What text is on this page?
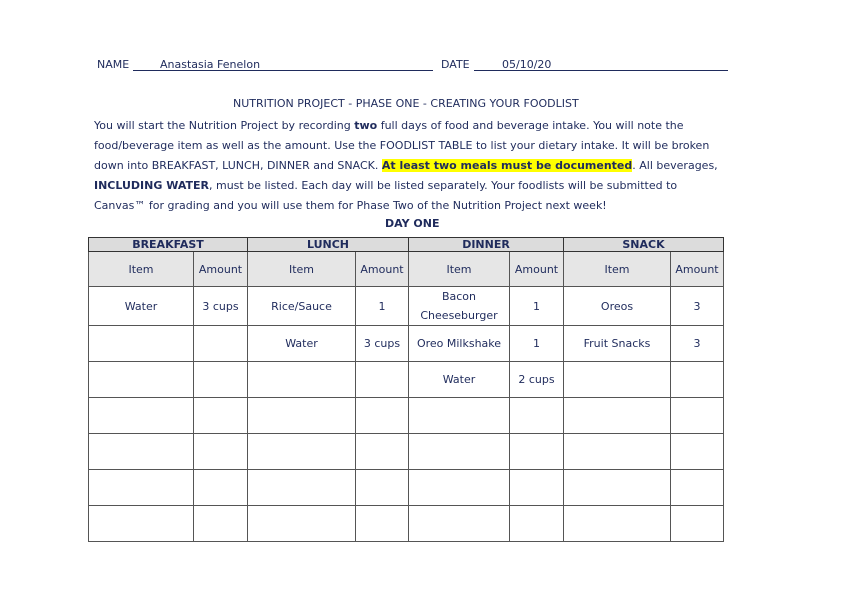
NAME	Anastasia Fenelon	DATE	05/10/20
NUTRITION PROJECT - PHASE ONE - CREATING YOUR FOODLIST
You will start the Nutrition Project by recording two full days of food and beverage intake. You will note the
food/beverage item as well as the amount. Use the FOODLIST TABLE to list your dietary intake. It will be broken
down into BREAKFAST, LUNCH, DINNER and SNACK. At least two meals must be documented. All beverages,
INCLUDING WATER, must be listed. Each day will be listed separately. Your foodlists will be submitted to
Canvas™ for grading and you will use them for Phase Two of the Nutrition Project next week!
DAY ONE
BREAKFAST		LUNCH		DINNER		SNACK	
Item	Amount	Item	Amount	Item	Amount	Item	Amount
Water	3 cups	Rice/Sauce	1	Bacon Cheeseburger	1	Oreos	3
		Water	3 cups	Oreo Milkshake	1	Fruit Snacks	3
				Water	2 cups		
